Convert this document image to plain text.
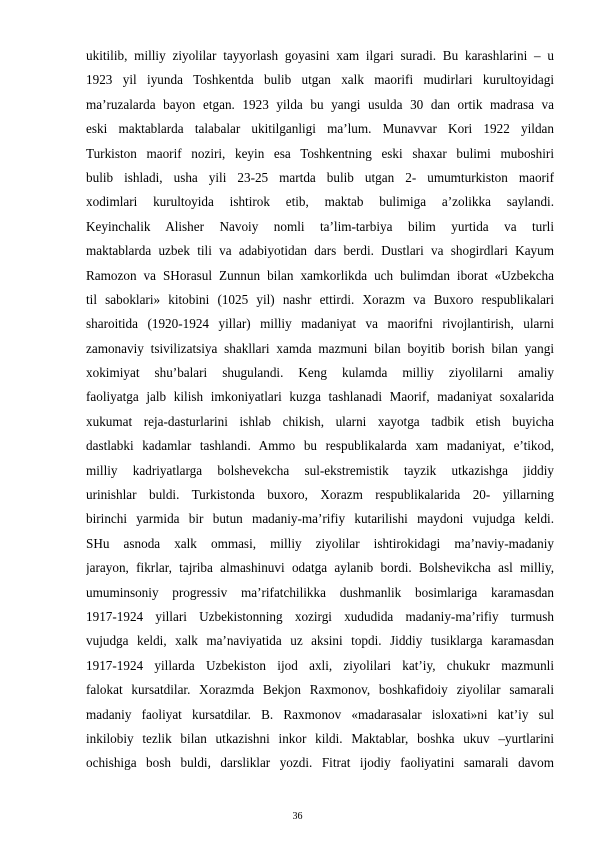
ukitilib, milliy ziyolilar tayyorlash goyasini xam ilgari suradi. Bu karashlarini – u
1923 yil iyunda Toshkentda bulib utgan xalk maorifi mudirlari kurultoyidagi
ma’ruzalarda bayon etgan. 1923 yilda bu yangi usulda 30 dan ortik madrasa va
eski maktablarda talabalar ukitilganligi ma’lum. Munavvar Kori 1922 yildan
Turkiston maorif noziri, keyin esa Toshkentning eski shaxar bulimi muboshiri
bulib ishladi, usha yili 23-25 martda bulib utgan 2- umumturkiston maorif
xodimlari kurultoyida ishtirok etib, maktab bulimiga a’zolikka saylandi.
Keyinchalik Alisher Navoiy nomli ta’lim-tarbiya bilim yurtida va turli
maktablarda uzbek tili va adabiyotidan dars berdi. Dustlari va shogirdlari Kayum
Ramozon va SHorasul Zunnun bilan xamkorlikda uch bulimdan iborat «Uzbekcha
til saboklari» kitobini (1025 yil) nashr ettirdi. Xorazm va Buxoro respublikalari
sharoitida (1920-1924 yillar) milliy madaniyat va maorifni rivojlantirish, ularni
zamonaviy tsivilizatsiya shakllari xamda mazmuni bilan boyitib borish bilan yangi
xokimiyat shu’balari shugulandi. Keng kulamda milliy ziyolilarni amaliy
faoliyatga jalb kilish imkoniyatlari kuzga tashlanadi Maorif, madaniyat soxalarida
xukumat reja-dasturlarini ishlab chikish, ularni xayotga tadbik etish buyicha
dastlabki kadamlar tashlandi. Ammo bu respublikalarda xam madaniyat, e’tikod,
milliy kadriyatlarga bolshevekcha sul-ekstremistik tayzik utkazishga jiddiy
urinishlar buldi. Turkistonda buxoro, Xorazm respublikalarida 20- yillarning
birinchi yarmida bir butun madaniy-ma’rifiy kutarilishi maydoni vujudga keldi.
SHu asnoda xalk ommasi, milliy ziyolilar ishtirokidagi ma’naviy-madaniy
jarayon, fikrlar, tajriba almashinuvi odatga aylanib bordi. Bolshevikcha asl milliy,
umuminsoniy progressiv ma’rifatchilikka dushmanlik bosimlariga karamasdan
1917-1924 yillari Uzbekistonning xozirgi xududida madaniy-ma’rifiy turmush
vujudga keldi, xalk ma’naviyatida uz aksini topdi. Jiddiy tusiklarga karamasdan
1917-1924 yillarda Uzbekiston ijod axli, ziyolilari kat’iy, chukukr mazmunli
falokat kursatdilar. Xorazmda Bekjon Raxmonov, boshkafidoiy ziyolilar samarali
madaniy faoliyat kursatdilar. B. Raxmonov «madarasalar isloxati»ni kat’iy sul
inkilobiy tezlik bilan utkazishni inkor kildi. Maktablar, boshka ukuv –yurtlarini
ochishiga bosh buldi, darsliklar yozdi. Fitrat ijodiy faoliyatini samarali davom
36
